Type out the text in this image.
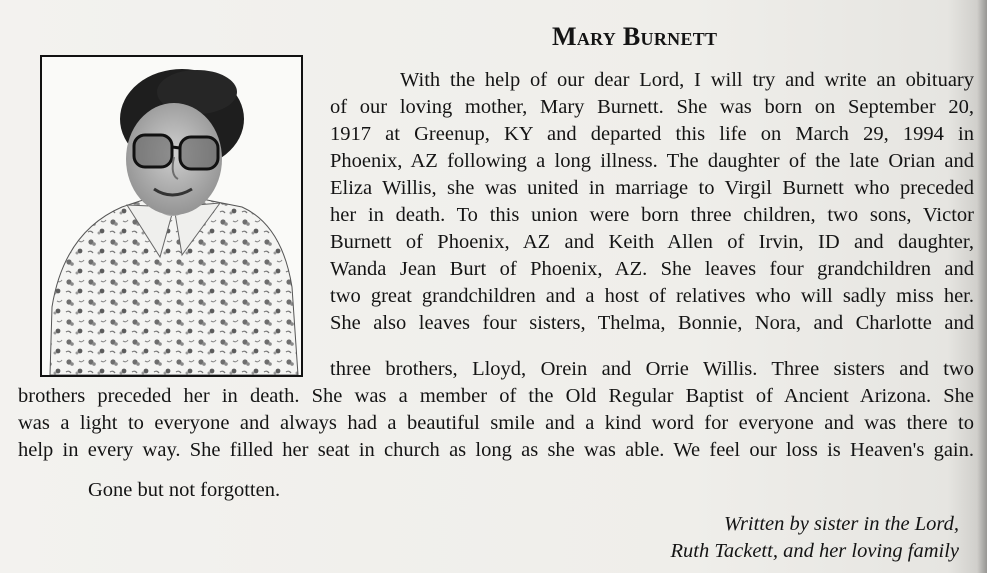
Mary Burnett
With the help of our dear Lord, I will try and write an obituary
of our loving mother, Mary Burnett. She was born on September 20,
1917 at Greenup, KY and departed this life on March 29, 1994 in
Phoenix, AZ following a long illness. The daughter of the late Orian and
Eliza Willis, she was united in marriage to Virgil Burnett who preceded
her in death. To this union were born three children, two sons, Victor
Burnett of Phoenix, AZ and Keith Allen of Irvin, ID and daughter,
Wanda Jean Burt of Phoenix, AZ. She leaves four grandchildren and
two great grandchildren and a host of relatives who will sadly miss her.
She also leaves four sisters, Thelma, Bonnie, Nora, and Charlotte and
three brothers, Lloyd, Orein and Orrie Willis. Three sisters and two
brothers preceded her in death. She was a member of the Old Regular Baptist of Ancient Arizona. She
was a light to everyone and always had a beautiful smile and a kind word for everyone and was there to
help in every way. She filled her seat in church as long as she was able. We feel our loss is Heaven's gain.
Gone but not forgotten.
Written by sister in the Lord,
Ruth Tackett, and her loving family
